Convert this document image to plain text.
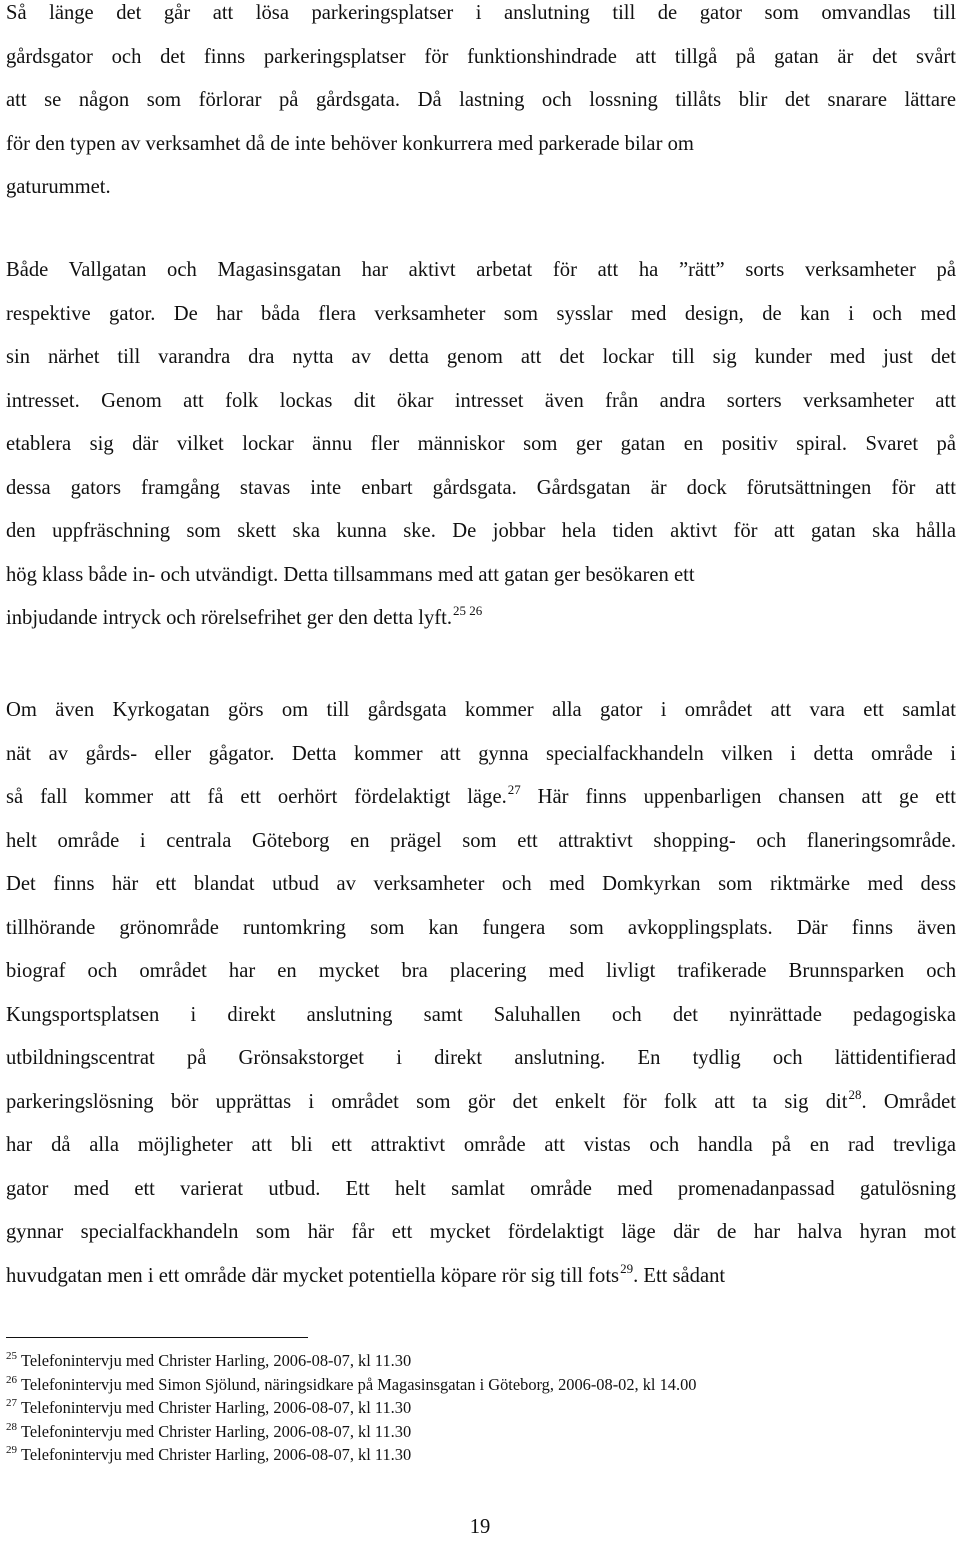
Så länge det går att lösa parkeringsplatser i anslutning till de gator som omvandlas till
gårdsgator och det finns parkeringsplatser för funktionshindrade att tillgå på gatan är det svårt
att se någon som förlorar på gårdsgata. Då lastning och lossning tillåts blir det snarare lättare
för den typen av verksamhet då de inte behöver konkurrera med parkerade bilar om
gaturummet.
Både Vallgatan och Magasinsgatan har aktivt arbetat för att ha ”rätt” sorts verksamheter på
respektive gator. De har båda flera verksamheter som sysslar med design, de kan i och med
sin närhet till varandra dra nytta av detta genom att det lockar till sig kunder med just det
intresset. Genom att folk lockas dit ökar intresset även från andra sorters verksamheter att
etablera sig där vilket lockar ännu fler människor som ger gatan en positiv spiral. Svaret på
dessa gators framgång stavas inte enbart gårdsgata. Gårdsgatan är dock förutsättningen för att
den uppfräschning som skett ska kunna ske. De jobbar hela tiden aktivt för att gatan ska hålla
hög klass både in- och utvändigt. Detta tillsammans med att gatan ger besökaren ett
inbjudande intryck och rörelsefrihet ger den detta lyft.$^{25 26}$
Om även Kyrkogatan görs om till gårdsgata kommer alla gator i området att vara ett samlat
nät av gårds- eller gågator. Detta kommer att gynna specialfackhandeln vilken i detta område i
så fall kommer att få ett oerhört fördelaktigt läge.$^{27}$ Här finns uppenbarligen chansen att ge ett
helt område i centrala Göteborg en prägel som ett attraktivt shopping- och flaneringsområde.
Det finns här ett blandat utbud av verksamheter och med Domkyrkan som riktmärke med dess
tillhörande grönområde runtomkring som kan fungera som avkopplingsplats. Där finns även
biograf och området har en mycket bra placering med livligt trafikerade Brunnsparken och
Kungsportsplatsen i direkt anslutning samt Saluhallen och det nyinrättade pedagogiska
utbildningscentrat på Grönsakstorget i direkt anslutning. En tydlig och lättidentifierad
parkeringslösning bör upprättas i området som gör det enkelt för folk att ta sig dit$^{28}$. Området
har då alla möjligheter att bli ett attraktivt område att vistas och handla på en rad trevliga
gator med ett varierat utbud. Ett helt samlat område med promenadanpassad gatulösning
gynnar specialfackhandeln som här får ett mycket fördelaktigt läge där de har halva hyran mot
huvudgatan men i ett område där mycket potentiella köpare rör sig till fots$^{29}$. Ett sådant
$^{25}$ Telefonintervju med Christer Harling, 2006-08-07, kl 11.30
$^{26}$ Telefonintervju med Simon Sjölund, näringsidkare på Magasinsgatan i Göteborg, 2006-08-02, kl 14.00
$^{27}$ Telefonintervju med Christer Harling, 2006-08-07, kl 11.30
$^{28}$ Telefonintervju med Christer Harling, 2006-08-07, kl 11.30
$^{29}$ Telefonintervju med Christer Harling, 2006-08-07, kl 11.30
19
